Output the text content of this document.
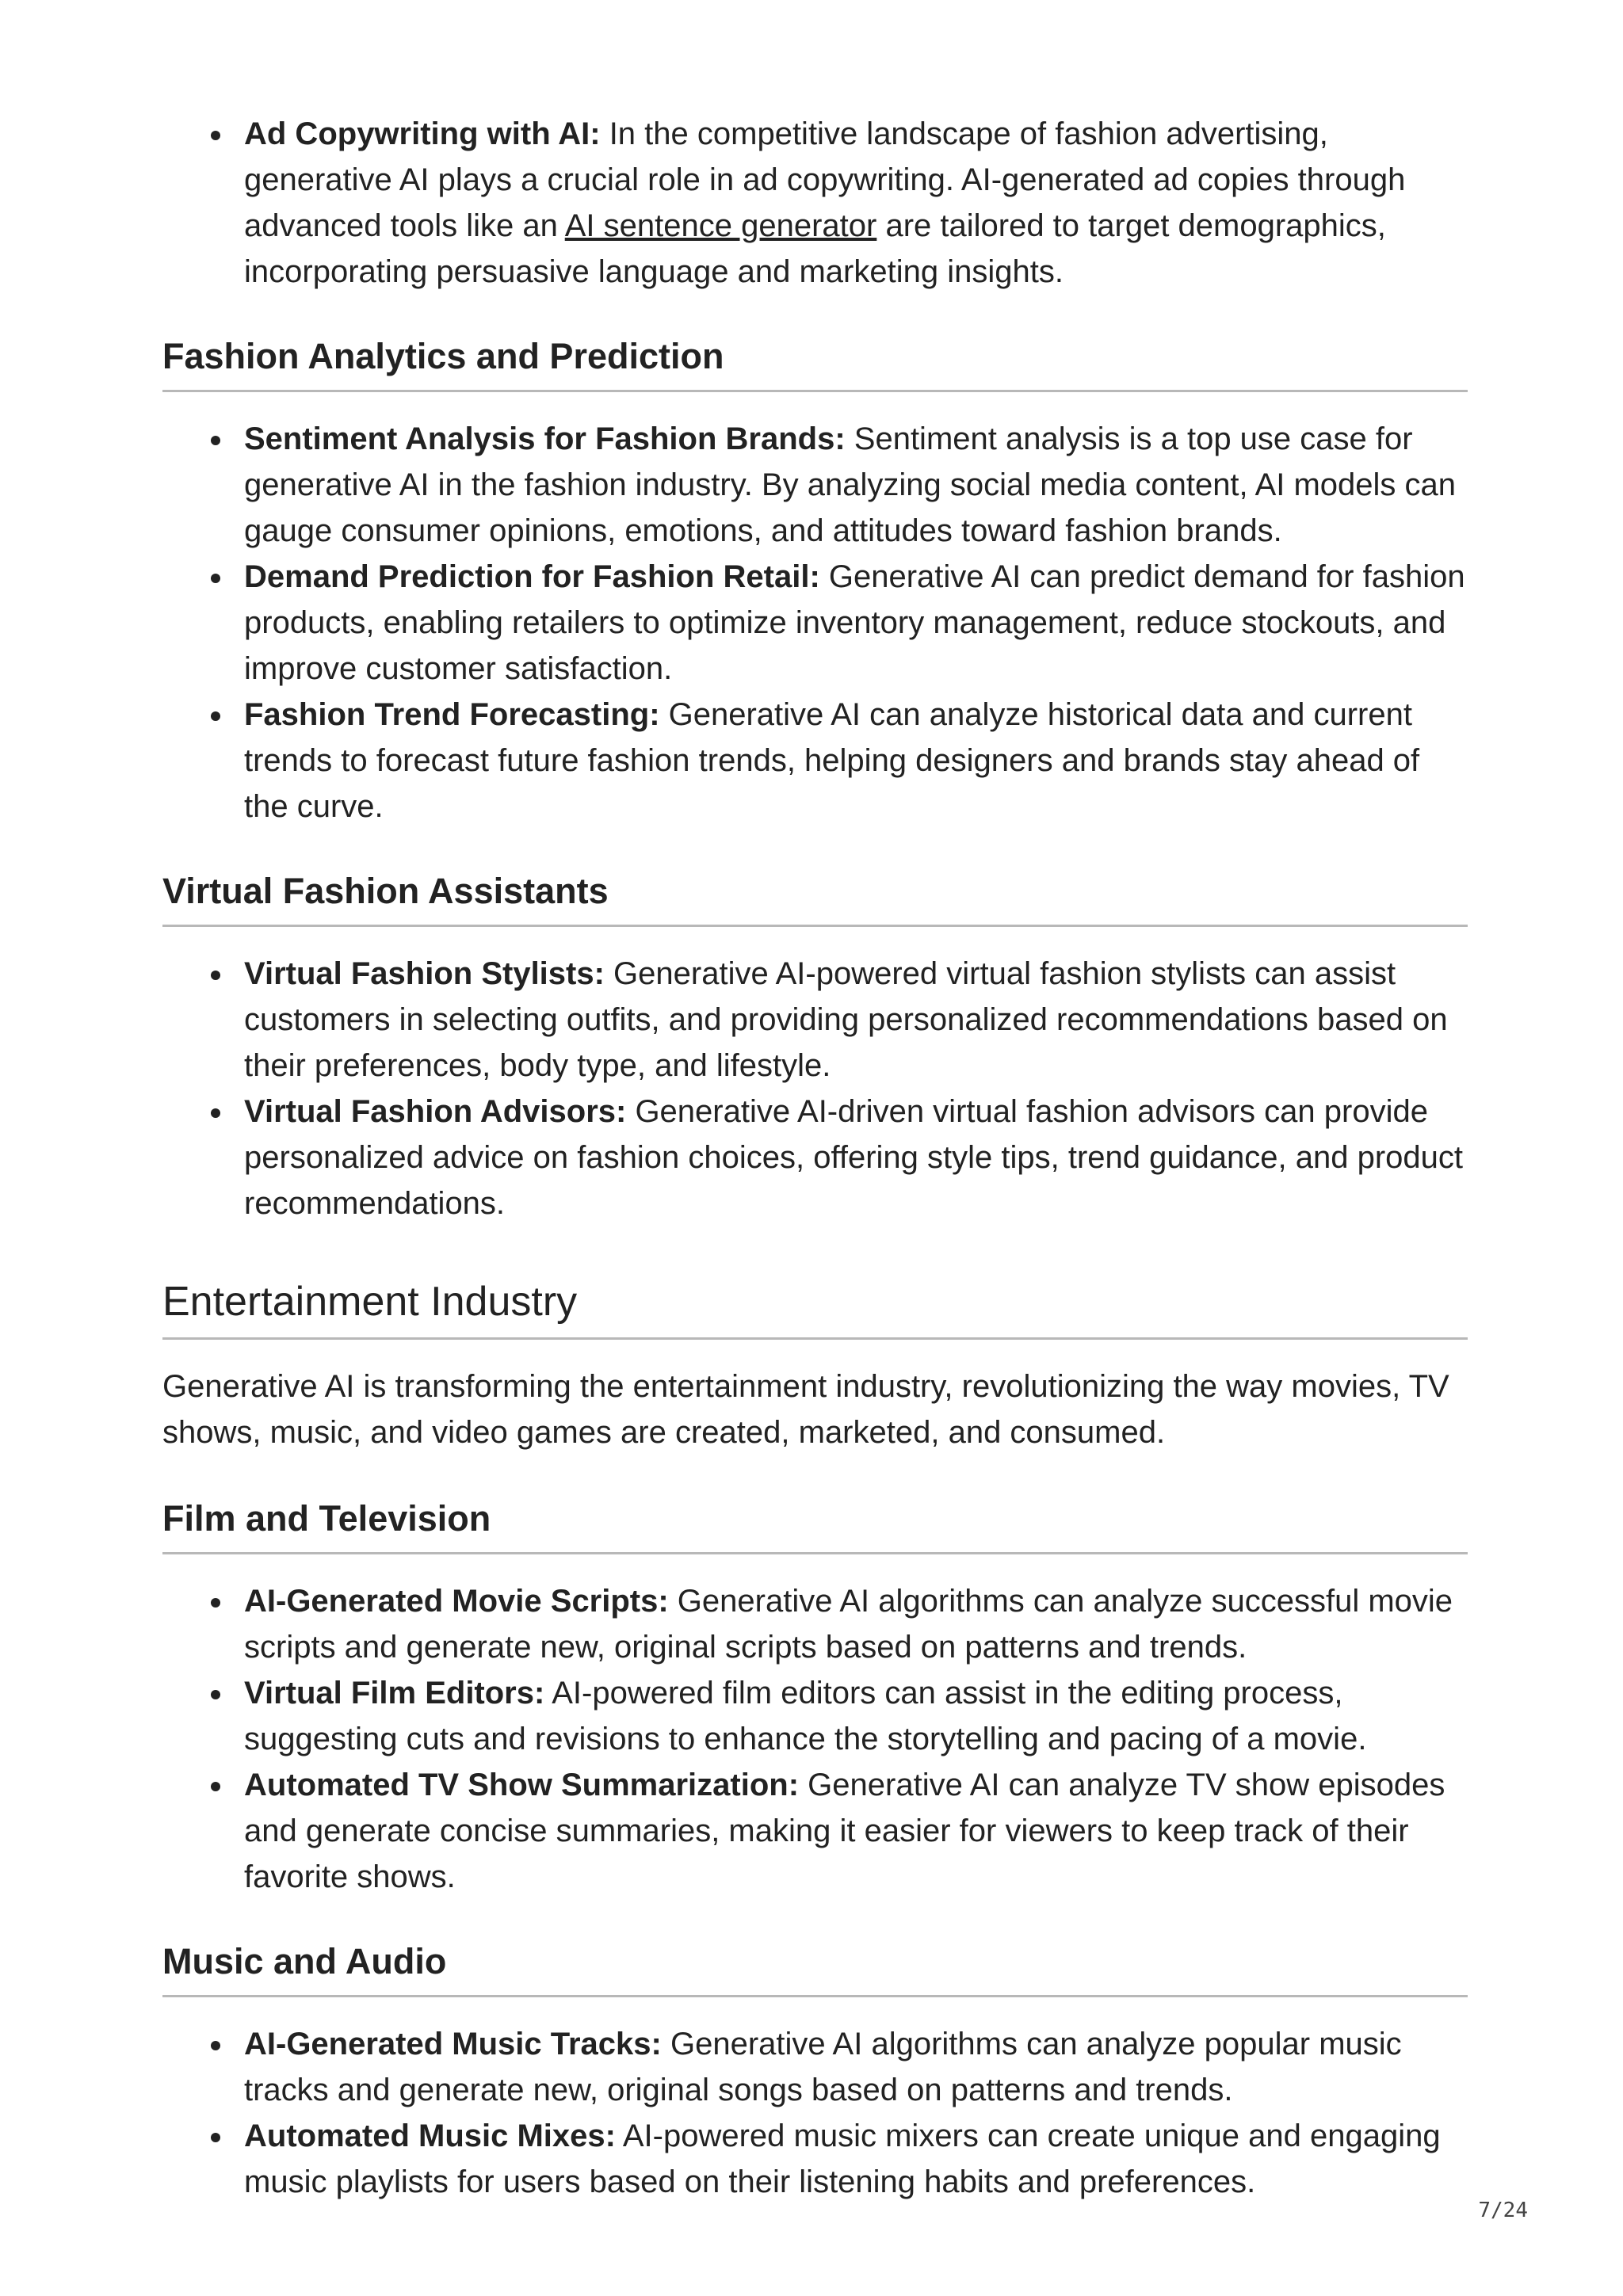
Ad Copywriting with AI: In the competitive landscape of fashion advertising, generative AI plays a crucial role in ad copywriting. AI-generated ad copies through advanced tools like an AI sentence generator are tailored to target demographics, incorporating persuasive language and marketing insights.
Fashion Analytics and Prediction
Sentiment Analysis for Fashion Brands: Sentiment analysis is a top use case for generative AI in the fashion industry. By analyzing social media content, AI models can gauge consumer opinions, emotions, and attitudes toward fashion brands.
Demand Prediction for Fashion Retail: Generative AI can predict demand for fashion products, enabling retailers to optimize inventory management, reduce stockouts, and improve customer satisfaction.
Fashion Trend Forecasting: Generative AI can analyze historical data and current trends to forecast future fashion trends, helping designers and brands stay ahead of the curve.
Virtual Fashion Assistants
Virtual Fashion Stylists: Generative AI-powered virtual fashion stylists can assist customers in selecting outfits, and providing personalized recommendations based on their preferences, body type, and lifestyle.
Virtual Fashion Advisors: Generative AI-driven virtual fashion advisors can provide personalized advice on fashion choices, offering style tips, trend guidance, and product recommendations.
Entertainment Industry

Generative AI is transforming the entertainment industry, revolutionizing the way movies, TV shows, music, and video games are created, marketed, and consumed.

Film and Television
AI-Generated Movie Scripts: Generative AI algorithms can analyze successful movie scripts and generate new, original scripts based on patterns and trends.
Virtual Film Editors: AI-powered film editors can assist in the editing process, suggesting cuts and revisions to enhance the storytelling and pacing of a movie.
Automated TV Show Summarization: Generative AI can analyze TV show episodes and generate concise summaries, making it easier for viewers to keep track of their favorite shows.
Music and Audio
AI-Generated Music Tracks: Generative AI algorithms can analyze popular music tracks and generate new, original songs based on patterns and trends.
Automated Music Mixes: AI-powered music mixers can create unique and engaging music playlists for users based on their listening habits and preferences.
7/24
